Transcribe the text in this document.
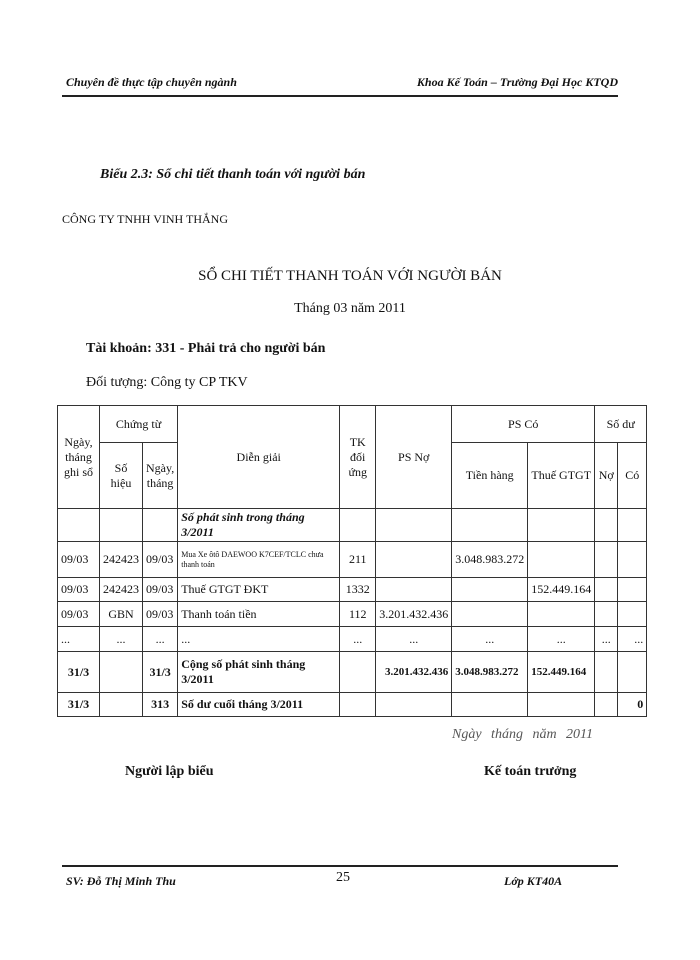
Chuyên đề thực tập chuyên ngành	Khoa Kế Toán – Trường Đại Học KTQD
Biểu 2.3: Sổ chi tiết thanh toán với người bán
CÔNG TY TNHH VINH THẮNG
SỔ CHI TIẾT THANH TOÁN VỚI NGƯỜI BÁN
Tháng 03 năm 2011
Tài khoản: 331 - Phải trả cho người bán
Đối tượng: Công ty CP TKV
Ngày, tháng ghi sổ	Chứng từ		Diễn giải	TK đối ứng	PS Nợ	PS Có		Số dư	
	Số hiệu	Ngày, tháng				Tiền hàng	Thuế GTGT	Nợ	Có
			Số phát sinh trong tháng 3/2011						
09/03	242423	09/03	Mua Xe ôtô DAEWOO K7CEF/TCLC chưa thanh toán	211		3.048.983.272			
09/03	242423	09/03	Thuế GTGT ĐKT	1332			152.449.164		
09/03	GBN	09/03	Thanh toán tiền	112	3.201.432.436				
...	...	...	...	...	...	...	...	...	...
31/3		31/3	Cộng số phát sinh tháng 3/2011		3.201.432.436	3.048.983.272	152.449.164		
31/3		313	Số dư cuối tháng 3/2011						0
Ngày tháng năm 2011
Người lập biểu	Kế toán trưởng
SV: Đỗ Thị Minh Thu	25	Lớp KT40A
